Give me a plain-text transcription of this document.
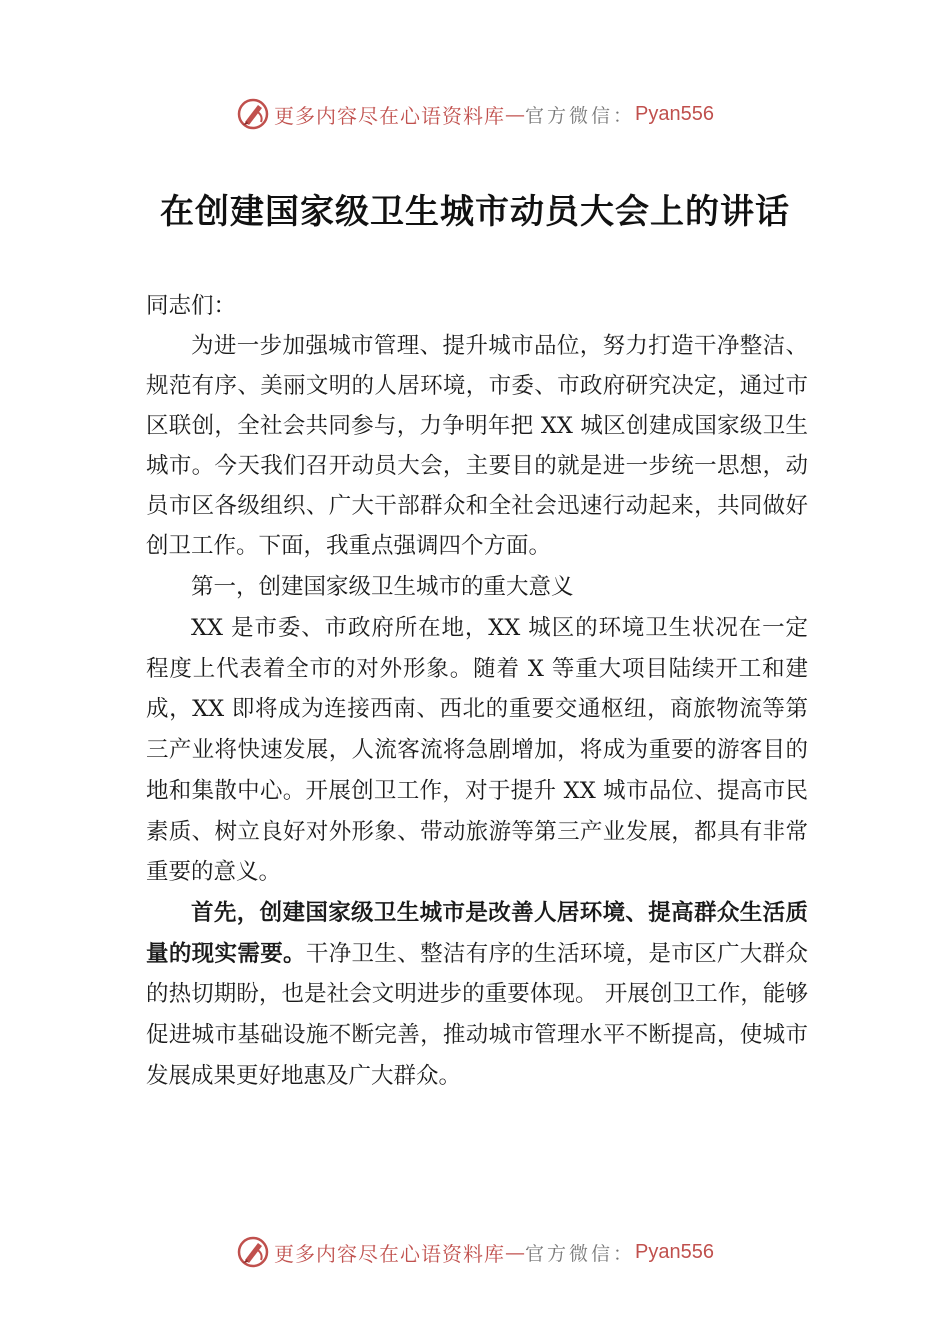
更多内容尽在心语资料库 — 官方微信： Pyan556
在创建国家级卫生城市动员大会上的讲话

同志们：

为进一步加强城市管理、提升城市品位，努力打造干净整洁、规范有序、美丽文明的人居环境，市委、市政府研究决定，通过市区联创，全社会共同参与，力争明年把 XX 城区创建成国家级卫生城市。今天我们召开动员大会，主要目的就是进一步统一思想，动员市区各级组织、广大干部群众和全社会迅速行动起来，共同做好创卫工作。下面，我重点强调四个方面。

第一，创建国家级卫生城市的重大意义

XX 是市委、市政府所在地，XX 城区的环境卫生状况在一定程度上代表着全市的对外形象。随着 X 等重大项目陆续开工和建成，XX 即将成为连接西南、西北的重要交通枢纽，商旅物流等第三产业将快速发展，人流客流将急剧增加，将成为重要的游客目的地和集散中心。开展创卫工作，对于提升 XX 城市品位、提高市民素质、树立良好对外形象、带动旅游等第三产业发展，都具有非常重要的意义。

首先，创建国家级卫生城市是改善人居环境、提高群众生活质量的现实需要。干净卫生、整洁有序的生活环境，是市区广大群众的热切期盼，也是社会文明进步的重要体现。 开展创卫工作，能够促进城市基础设施不断完善，推动城市管理水平不断提高，使城市发展成果更好地惠及广大群众。

更多内容尽在心语资料库 — 官方微信： Pyan556
